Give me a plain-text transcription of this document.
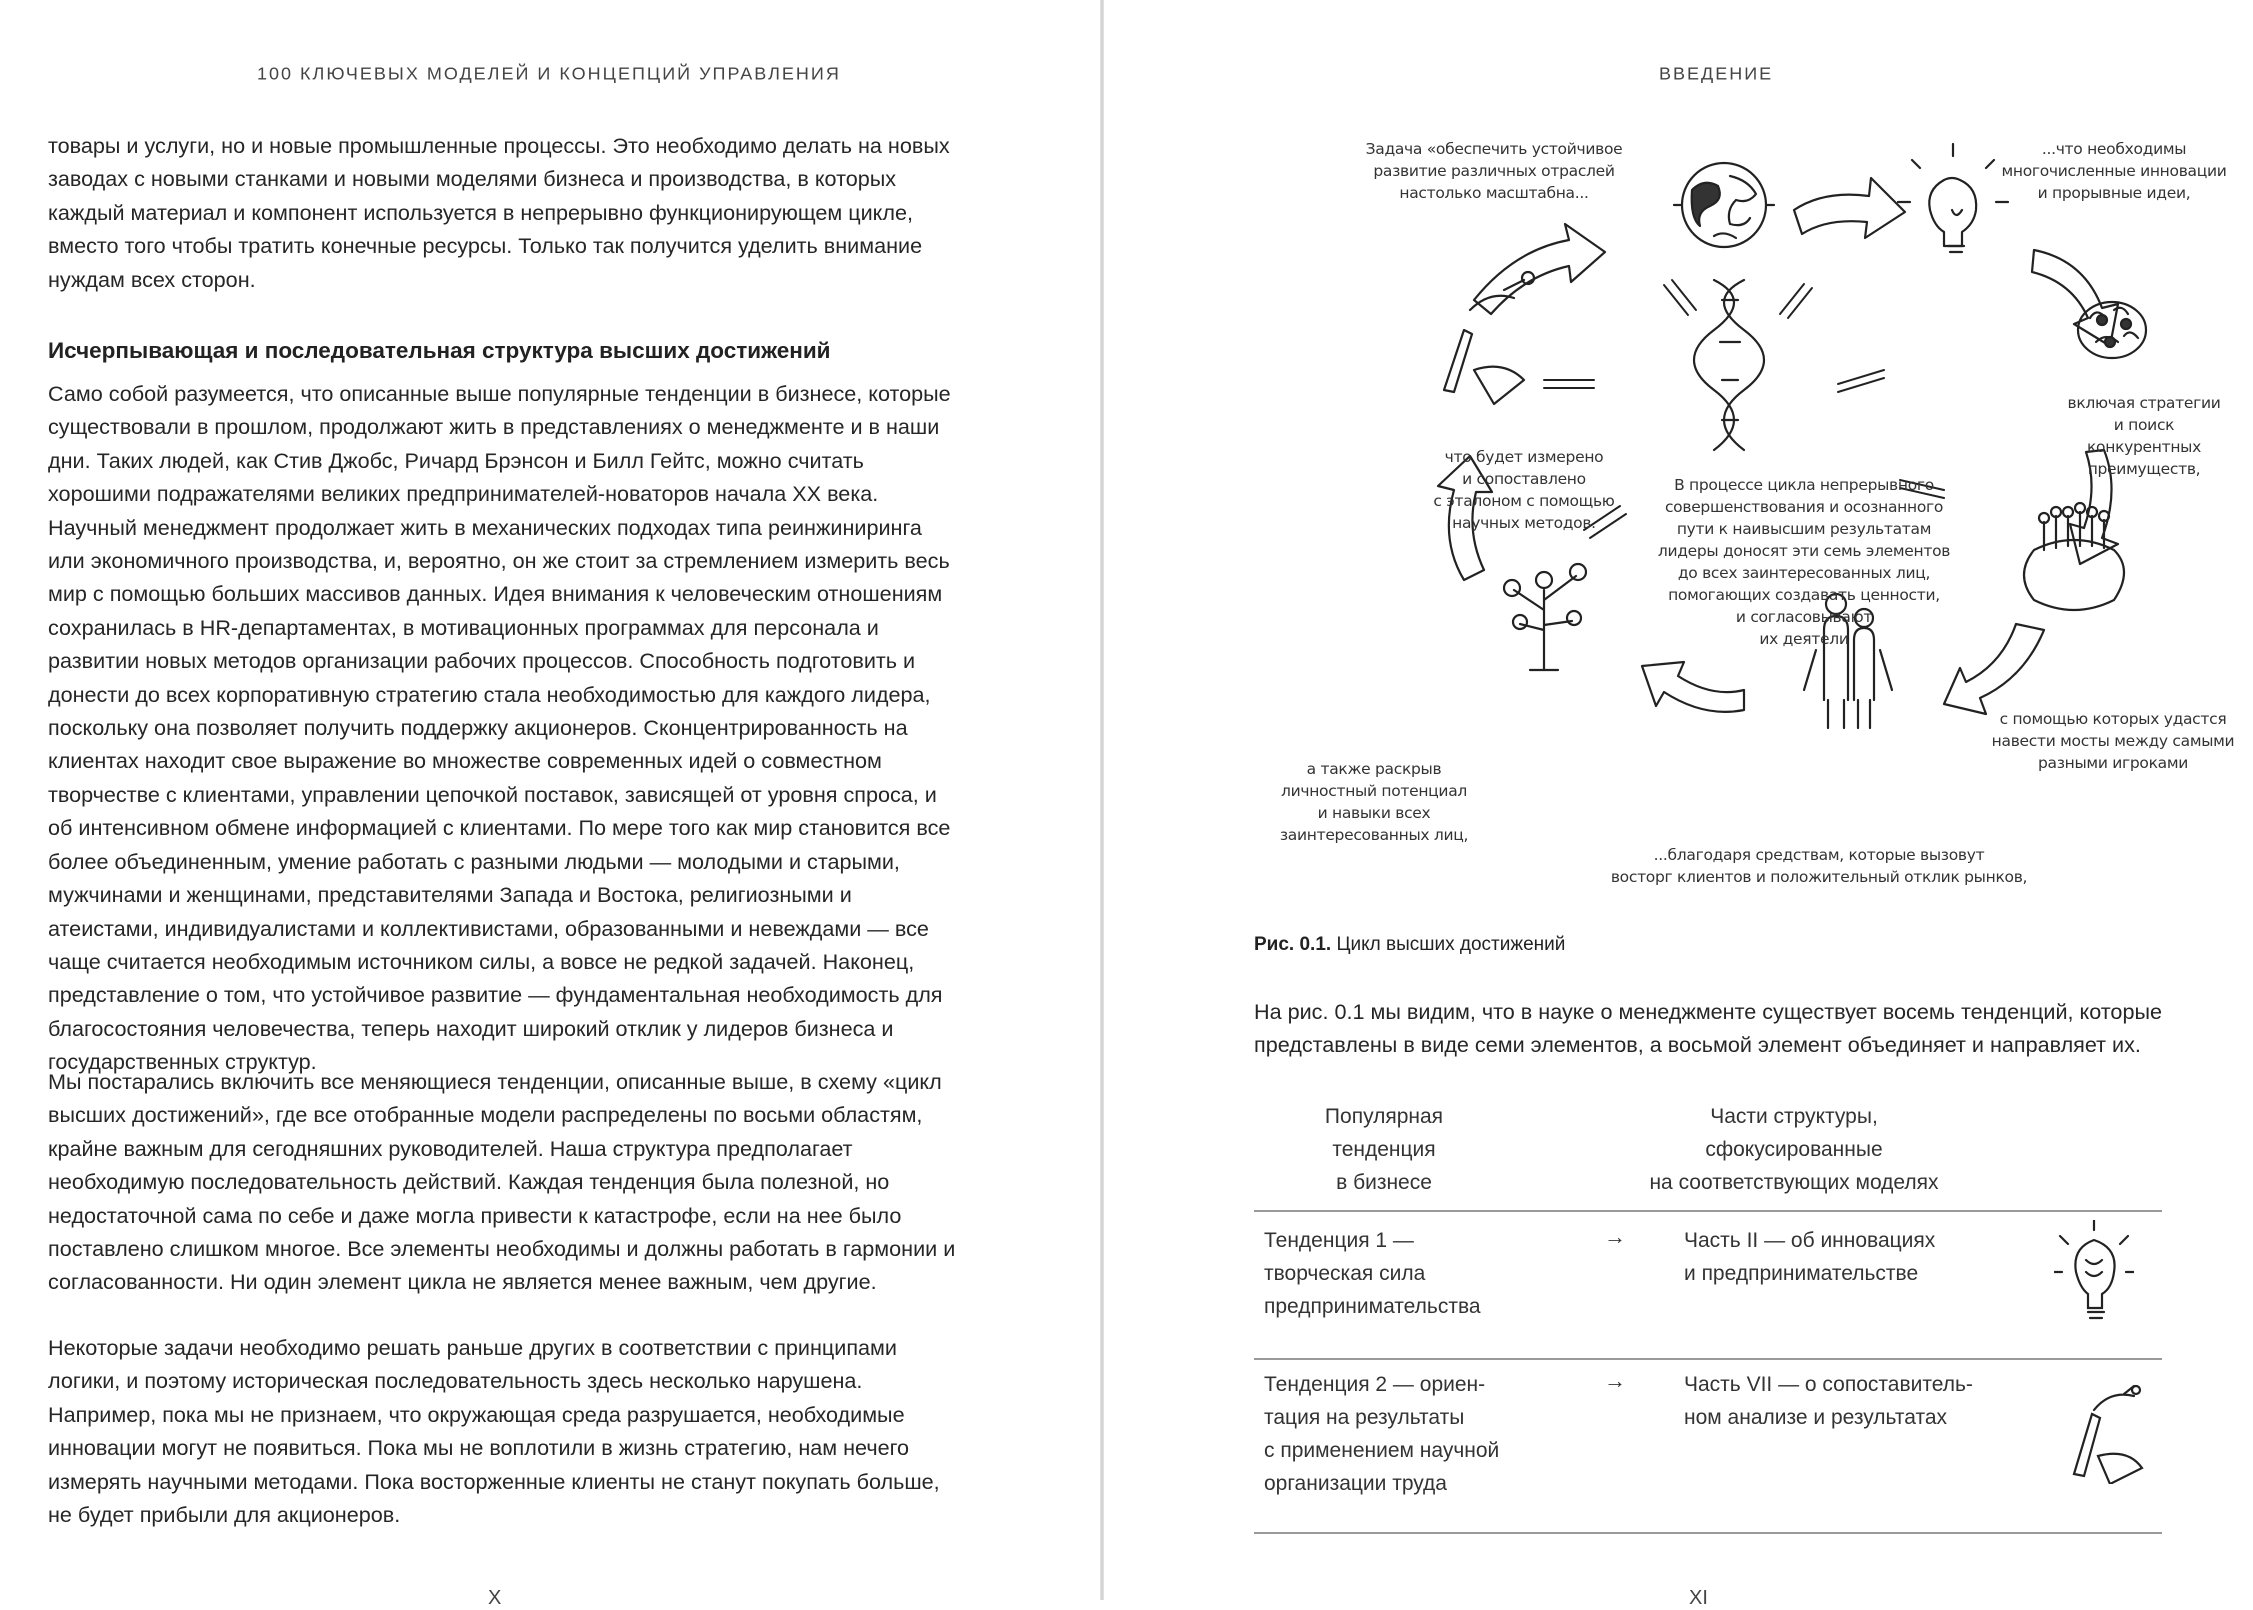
100 КЛЮЧЕВЫХ МОДЕЛЕЙ И КОНЦЕПЦИЙ УПРАВЛЕНИЯ

товары и услуги, но и новые промышленные процессы. Это необходимо делать на новых заводах с новыми станками и новыми моделями бизнеса и производства, в которых каждый материал и компонент используется в непрерывно функционирующем цикле, вместо того чтобы тратить конечные ресурсы. Только так получится уделить внимание нуждам всех сторон.

Исчерпывающая и последовательная структура высших достижений

Само собой разумеется, что описанные выше популярные тенденции в бизнесе, которые существовали в прошлом, продолжают жить в представлениях о менеджменте и в наши дни. Таких людей, как Стив Джобс, Ричард Брэнсон и Билл Гейтс, можно считать хорошими подражателями великих предпринимателей-новаторов начала XX века. Научный менеджмент продолжает жить в механических подходах типа реинжиниринга или экономичного производства, и, вероятно, он же стоит за стремлением измерить весь мир с помощью больших массивов данных. Идея внимания к человеческим отношениям сохранилась в HR-департаментах, в мотивационных программах для персонала и развитии новых методов организации рабочих процессов. Способность подготовить и донести до всех корпоративную стратегию стала необходимостью для каждого лидера, поскольку она позволяет получить поддержку акционеров. Сконцентрированность на клиентах находит свое выражение во множестве современных идей о совместном творчестве с клиентами, управлении цепочкой поставок, зависящей от уровня спроса, и об интенсивном обмене информацией с клиентами. По мере того как мир становится все более объединенным, умение работать с разными людьми — молодыми и старыми, мужчинами и женщинами, представителями Запада и Востока, религиозными и атеистами, индивидуалистами и коллективистами, образованными и невеждами — все чаще считается необходимым источником силы, а вовсе не редкой задачей. Наконец, представление о том, что устойчивое развитие — фундаментальная необходимость для благосостояния человечества, теперь находит широкий отклик у лидеров бизнеса и государственных структур.

Мы постарались включить все меняющиеся тенденции, описанные выше, в схему «цикл высших достижений», где все отобранные модели распределены по восьми областям, крайне важным для сегодняшних руководителей. Наша структура предполагает необходимую последовательность действий. Каждая тенденция была полезной, но недостаточной сама по себе и даже могла привести к катастрофе, если на нее было поставлено слишком многое. Все элементы необходимы и должны работать в гармонии и согласованности. Ни один элемент цикла не является менее важным, чем другие.

Некоторые задачи необходимо решать раньше других в соответствии с принципами логики, и поэтому историческая последовательность здесь несколько нарушена. Например, пока мы не признаем, что окружающая среда разрушается, необходимые инновации могут не появиться. Пока мы не воплотили в жизнь стратегию, нам нечего измерять научными методами. Пока восторженные клиенты не станут покупать больше, не будет прибыли для акционеров.

X
ВВЕДЕНИЕ
Задача «обеспечить устойчивое
развитие различных отраслей
настолько масштабна...
...что необходимы
многочисленные инновации
и прорывные идеи,
включая стратегии
и поиск
конкурентных
преимуществ,
с помощью которых удастся
навести мосты между самыми
разными игроками
...благодаря средствам, которые вызовут
восторг клиентов и положительный отклик рынков,
а также раскрыв
личностный потенциал
и навыки всех
заинтересованных лиц,
что будет измерено
и сопоставлено
с эталоном с помощью
научных методов.
В процессе цикла непрерывного
совершенствования и осознанного
пути к наивысшим результатам
лидеры доносят эти семь элементов
до всех заинтересованных лиц,
помогающих создавать ценности,
и согласовывают
их деятели
Рис. 0.1. Цикл высших достижений
На рис. 0.1 мы видим, что в науке о менеджменте существует восемь тенденций, которые представлены в виде семи элементов, а восьмой элемент объединяет и направляет их.
Популярная
тенденция
в бизнесе
Части структуры,
сфокусированные
на соответствующих моделях
Тенденция 1 —
творческая сила
предпринимательства
→	Часть II — об инновациях
и предпринимательстве
Тенденция 2 — ориен-
тация на результаты
с применением научной
организации труда
→	Часть VII — о сопоставитель-
ном анализе и результатах
XI
